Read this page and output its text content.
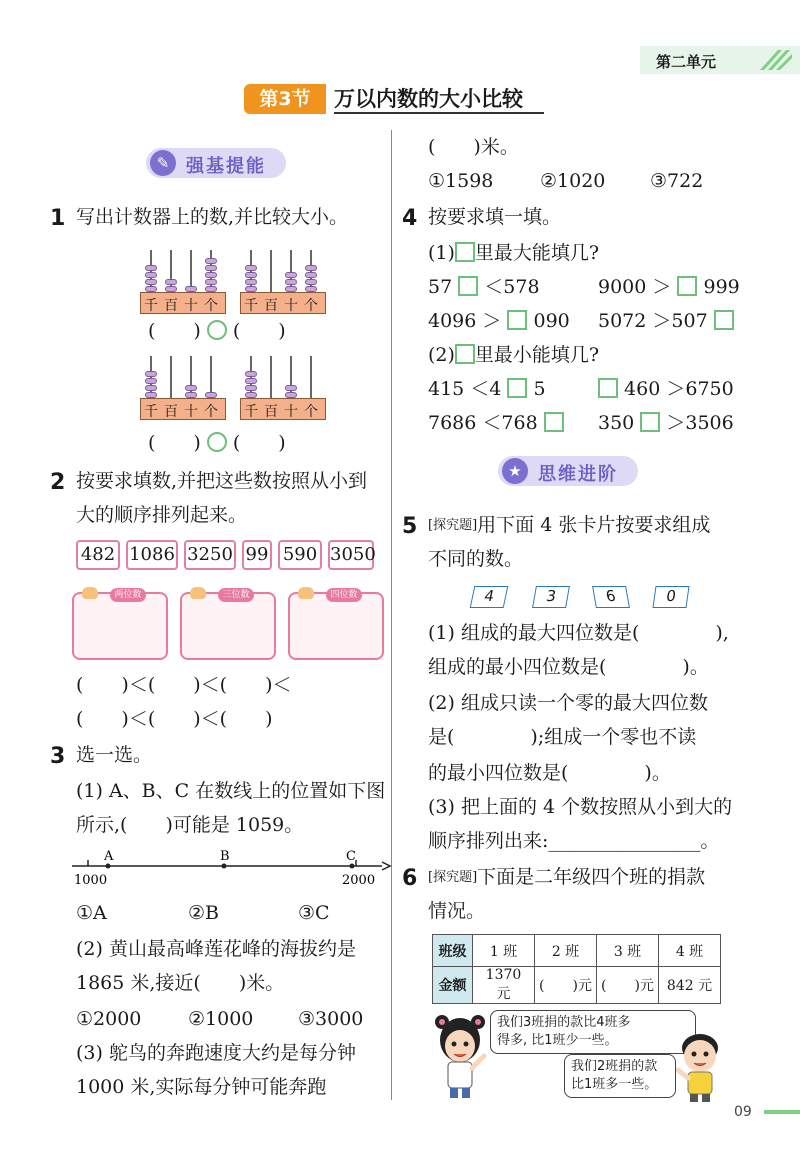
第二单元
第3节	万以内数的大小比较
✎ 强基提能
1 写出计数器上的数,并比较大小。
千 百 十 个 千 百 十 个
千 百 十 个 千 百 十 个
(　　) (　　)
(　　) (　　)
2 按要求填数,并把这些数按照从小到
大的顺序排列起来。
482 1086 3250 99 590 3050
两位数	三位数	四位数
(　　)＜(　　)＜(　　)＜
(　　)＜(　　)＜(　　)
3 选一选。
(1) A、B、C 在数线上的位置如下图
所示,(　　)可能是 1059。
A	B	C
1000	2000
①A	②B	③C
(2) 黄山最高峰莲花峰的海拔约是
1865 米,接近(　　)米。
①2000 ②1000 ③3000
(3) 鸵鸟的奔跑速度大约是每分钟
1000 米,实际每分钟可能奔跑
(　　)米。
①1598 ②1020 ③722
4 按要求填一填。
(1) 里最大能填几?
57 ＜578	9000 ＞ 999
4096 ＞ 090 5072 ＞507
(2) 里最小能填几?
415 ＜4 5	460 ＞6750
7686 ＜768	350 ＞3506
★ 思维进阶
5 [探究题]用下面 4 张卡片按要求组成
不同的数。
4	3	6	0
(1) 组成的最大四位数是(　　　　),
组成的最小四位数是(　　　　)。
(2) 组成只读一个零的最大四位数
是(　　　　);组成一个零也不读
的最小四位数是(　　　　)。
(3) 把上面的 4 个数按照从小到大的
顺序排列出来:________________。
6 [探究题]下面是二年级四个班的捐款
情况。
班级	1 班	2 班	3 班	4 班
金额	1370 元	(　　)元	(　　)元	842 元
我们3班捐的款比4班多
得多, 比1班少一些。
我们2班捐的款
比1班多一些。
09
